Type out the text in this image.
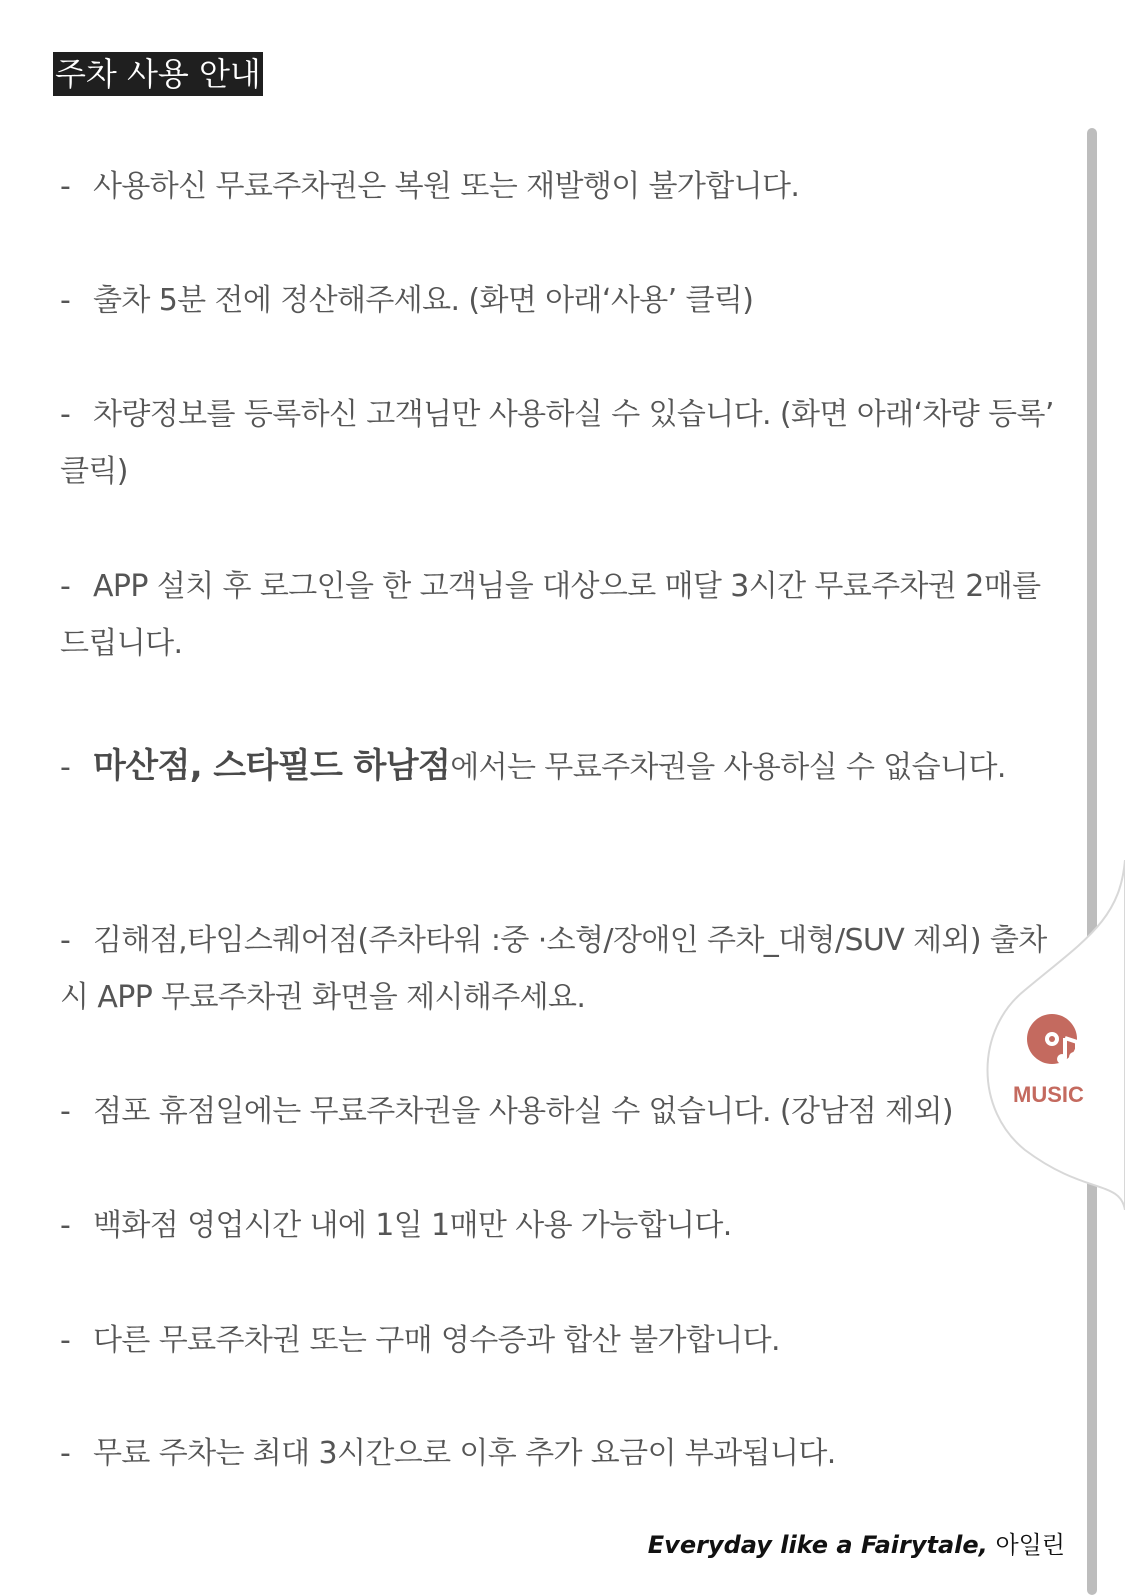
주차 사용 안내
- 사용하신 무료주차권은 복원 또는 재발행이 불가합니다.
- 출차 5분 전에 정산해주세요. (화면 아래‘사용’ 클릭)
- 차량정보를 등록하신 고객님만 사용하실 수 있습니다. (화면 아래‘차량 등록’ 클릭)
- APP 설치 후 로그인을 한 고객님을 대상으로 매달 3시간 무료주차권 2매를 드립니다.
- 마산점, 스타필드 하남점에서는 무료주차권을 사용하실 수 없습니다.
- 김해점,타임스퀘어점(주차타워 :중 ·소형/장애인 주차_대형/SUV 제외) 출차 시 APP 무료주차권 화면을 제시해주세요.
- 점포 휴점일에는 무료주차권을 사용하실 수 없습니다. (강남점 제외)
- 백화점 영업시간 내에 1일 1매만 사용 가능합니다.
- 다른 무료주차권 또는 구매 영수증과 합산 불가합니다.
- 무료 주차는 최대 3시간으로 이후 추가 요금이 부과됩니다.
Everyday like a Fairytale, 아일린
MUSIC
